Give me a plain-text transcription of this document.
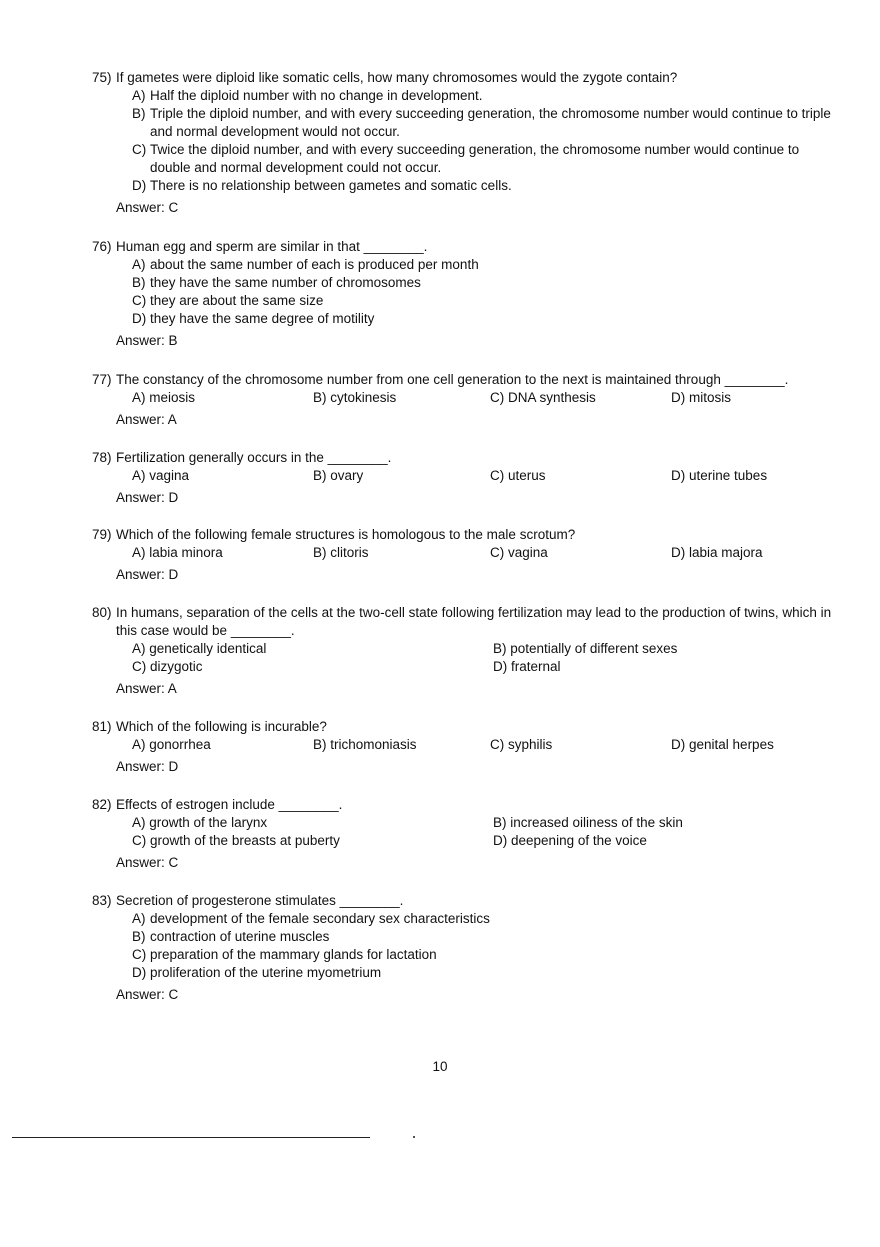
75) If gametes were diploid like somatic cells, how many chromosomes would the zygote contain?
A) Half the diploid number with no change in development.
B) Triple the diploid number, and with every succeeding generation, the chromosome number would continue to triple and normal development would not occur.
C) Twice the diploid number, and with every succeeding generation, the chromosome number would continue to double and normal development could not occur.
D) There is no relationship between gametes and somatic cells.
Answer: C
76) Human egg and sperm are similar in that ________.
A) about the same number of each is produced per month
B) they have the same number of chromosomes
C) they are about the same size
D) they have the same degree of motility
Answer: B
77) The constancy of the chromosome number from one cell generation to the next is maintained through ________.
A) meiosis	B) cytokinesis	C) DNA synthesis	D) mitosis
Answer: A
78) Fertilization generally occurs in the ________.
A) vagina	B) ovary	C) uterus	D) uterine tubes
Answer: D
79) Which of the following female structures is homologous to the male scrotum?
A) labia minora	B) clitoris	C) vagina	D) labia majora
Answer: D
80) In humans, separation of the cells at the two-cell state following fertilization may lead to the production of twins, which in this case would be ________.
A) genetically identical	B) potentially of different sexes
C) dizygotic	D) fraternal
Answer: A
81) Which of the following is incurable?
A) gonorrhea	B) trichomoniasis	C) syphilis	D) genital herpes
Answer: D
82) Effects of estrogen include ________.
A) growth of the larynx	B) increased oiliness of the skin
C) growth of the breasts at puberty	D) deepening of the voice
Answer: C
83) Secretion of progesterone stimulates ________.
A) development of the female secondary sex characteristics
B) contraction of uterine muscles
C) preparation of the mammary glands for lactation
D) proliferation of the uterine myometrium
Answer: C
10
